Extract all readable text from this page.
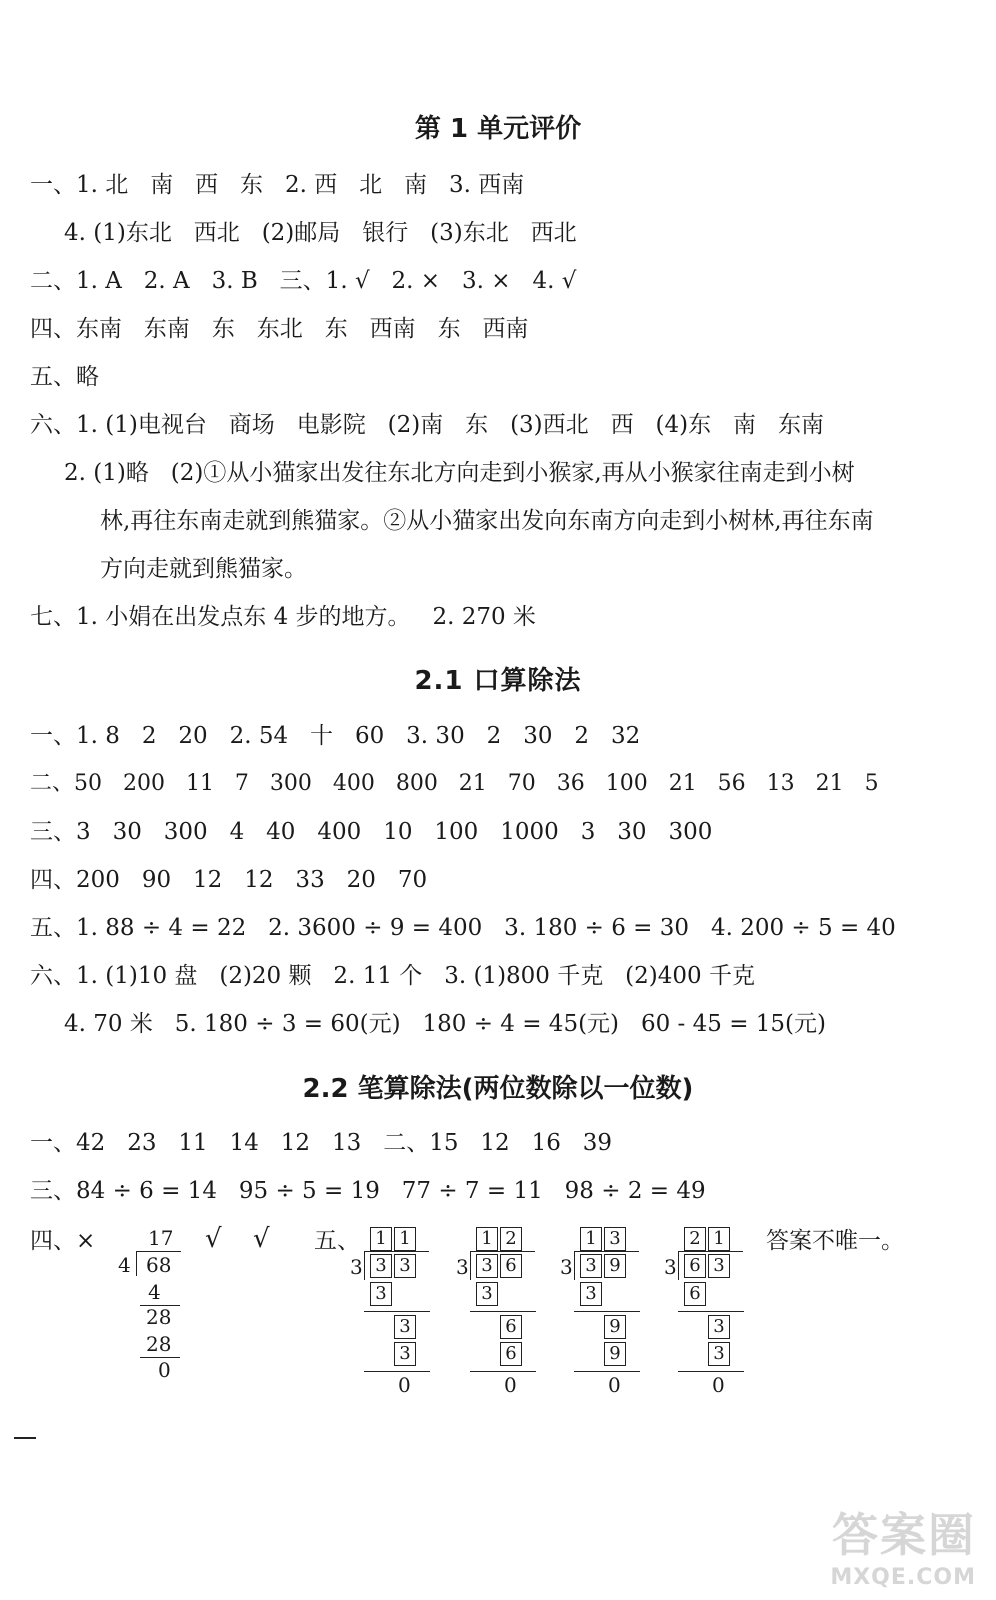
第 1 单元评价
2.1 口算除法
2.2 笔算除法(两位数除以一位数)
一、1. 北   南   西   东   2. 西   北   南   3. 西南
4. (1)东北   西北   (2)邮局   银行   (3)东北   西北
二、1. A   2. A   3. B   三、1. √   2. ×   3. ×   4. √
四、东南   东南   东   东北   东   西南   东   西南
五、略
六、1. (1)电视台   商场   电影院   (2)南   东   (3)西北   西   (4)东   南   东南
2. (1)略   (2)①从小猫家出发往东北方向走到小猴家,再从小猴家往南走到小树
林,再往东南走就到熊猫家。②从小猫家出发向东南方向走到小树林,再往东南
方向走就到熊猫家。
七、1. 小娟在出发点东 4 步的地方。   2. 270 米
一、1. 8   2   20   2. 54   十   60   3. 30   2   30   2   32
二、50   200   11   7   300   400   800   21   70   36   100   21   56   13   21   5
三、3   30   300   4   40   400   10   100   1000   3   30   300
四、200   90   12   12   33   20   70
五、1. 88 ÷ 4 = 22   2. 3600 ÷ 9 = 400   3. 180 ÷ 6 = 30   4. 200 ÷ 5 = 40
六、1. (1)10 盘   (2)20 颗   2. 11 个   3. (1)800 千克   (2)400 千克
4. 70 米   5. 180 ÷ 3 = 60(元)   180 ÷ 4 = 45(元)   60 - 45 = 15(元)
一、42   23   11   14   12   13   二、15   12   16   39
三、84 ÷ 6 = 14   95 ÷ 5 = 19   77 ÷ 7 = 11   98 ÷ 2 = 49
四、×	17
4 68
4
28
28
0
√ √ 五、	答案不唯一。
1 1
3 3 3
3
3
3
0
1 2
3 3 6
3
6
6
0
1 3
3 3 9
3
9
9
0
2 1
3 6 3
6
3
3
0
答案圈
MXQE.COM
